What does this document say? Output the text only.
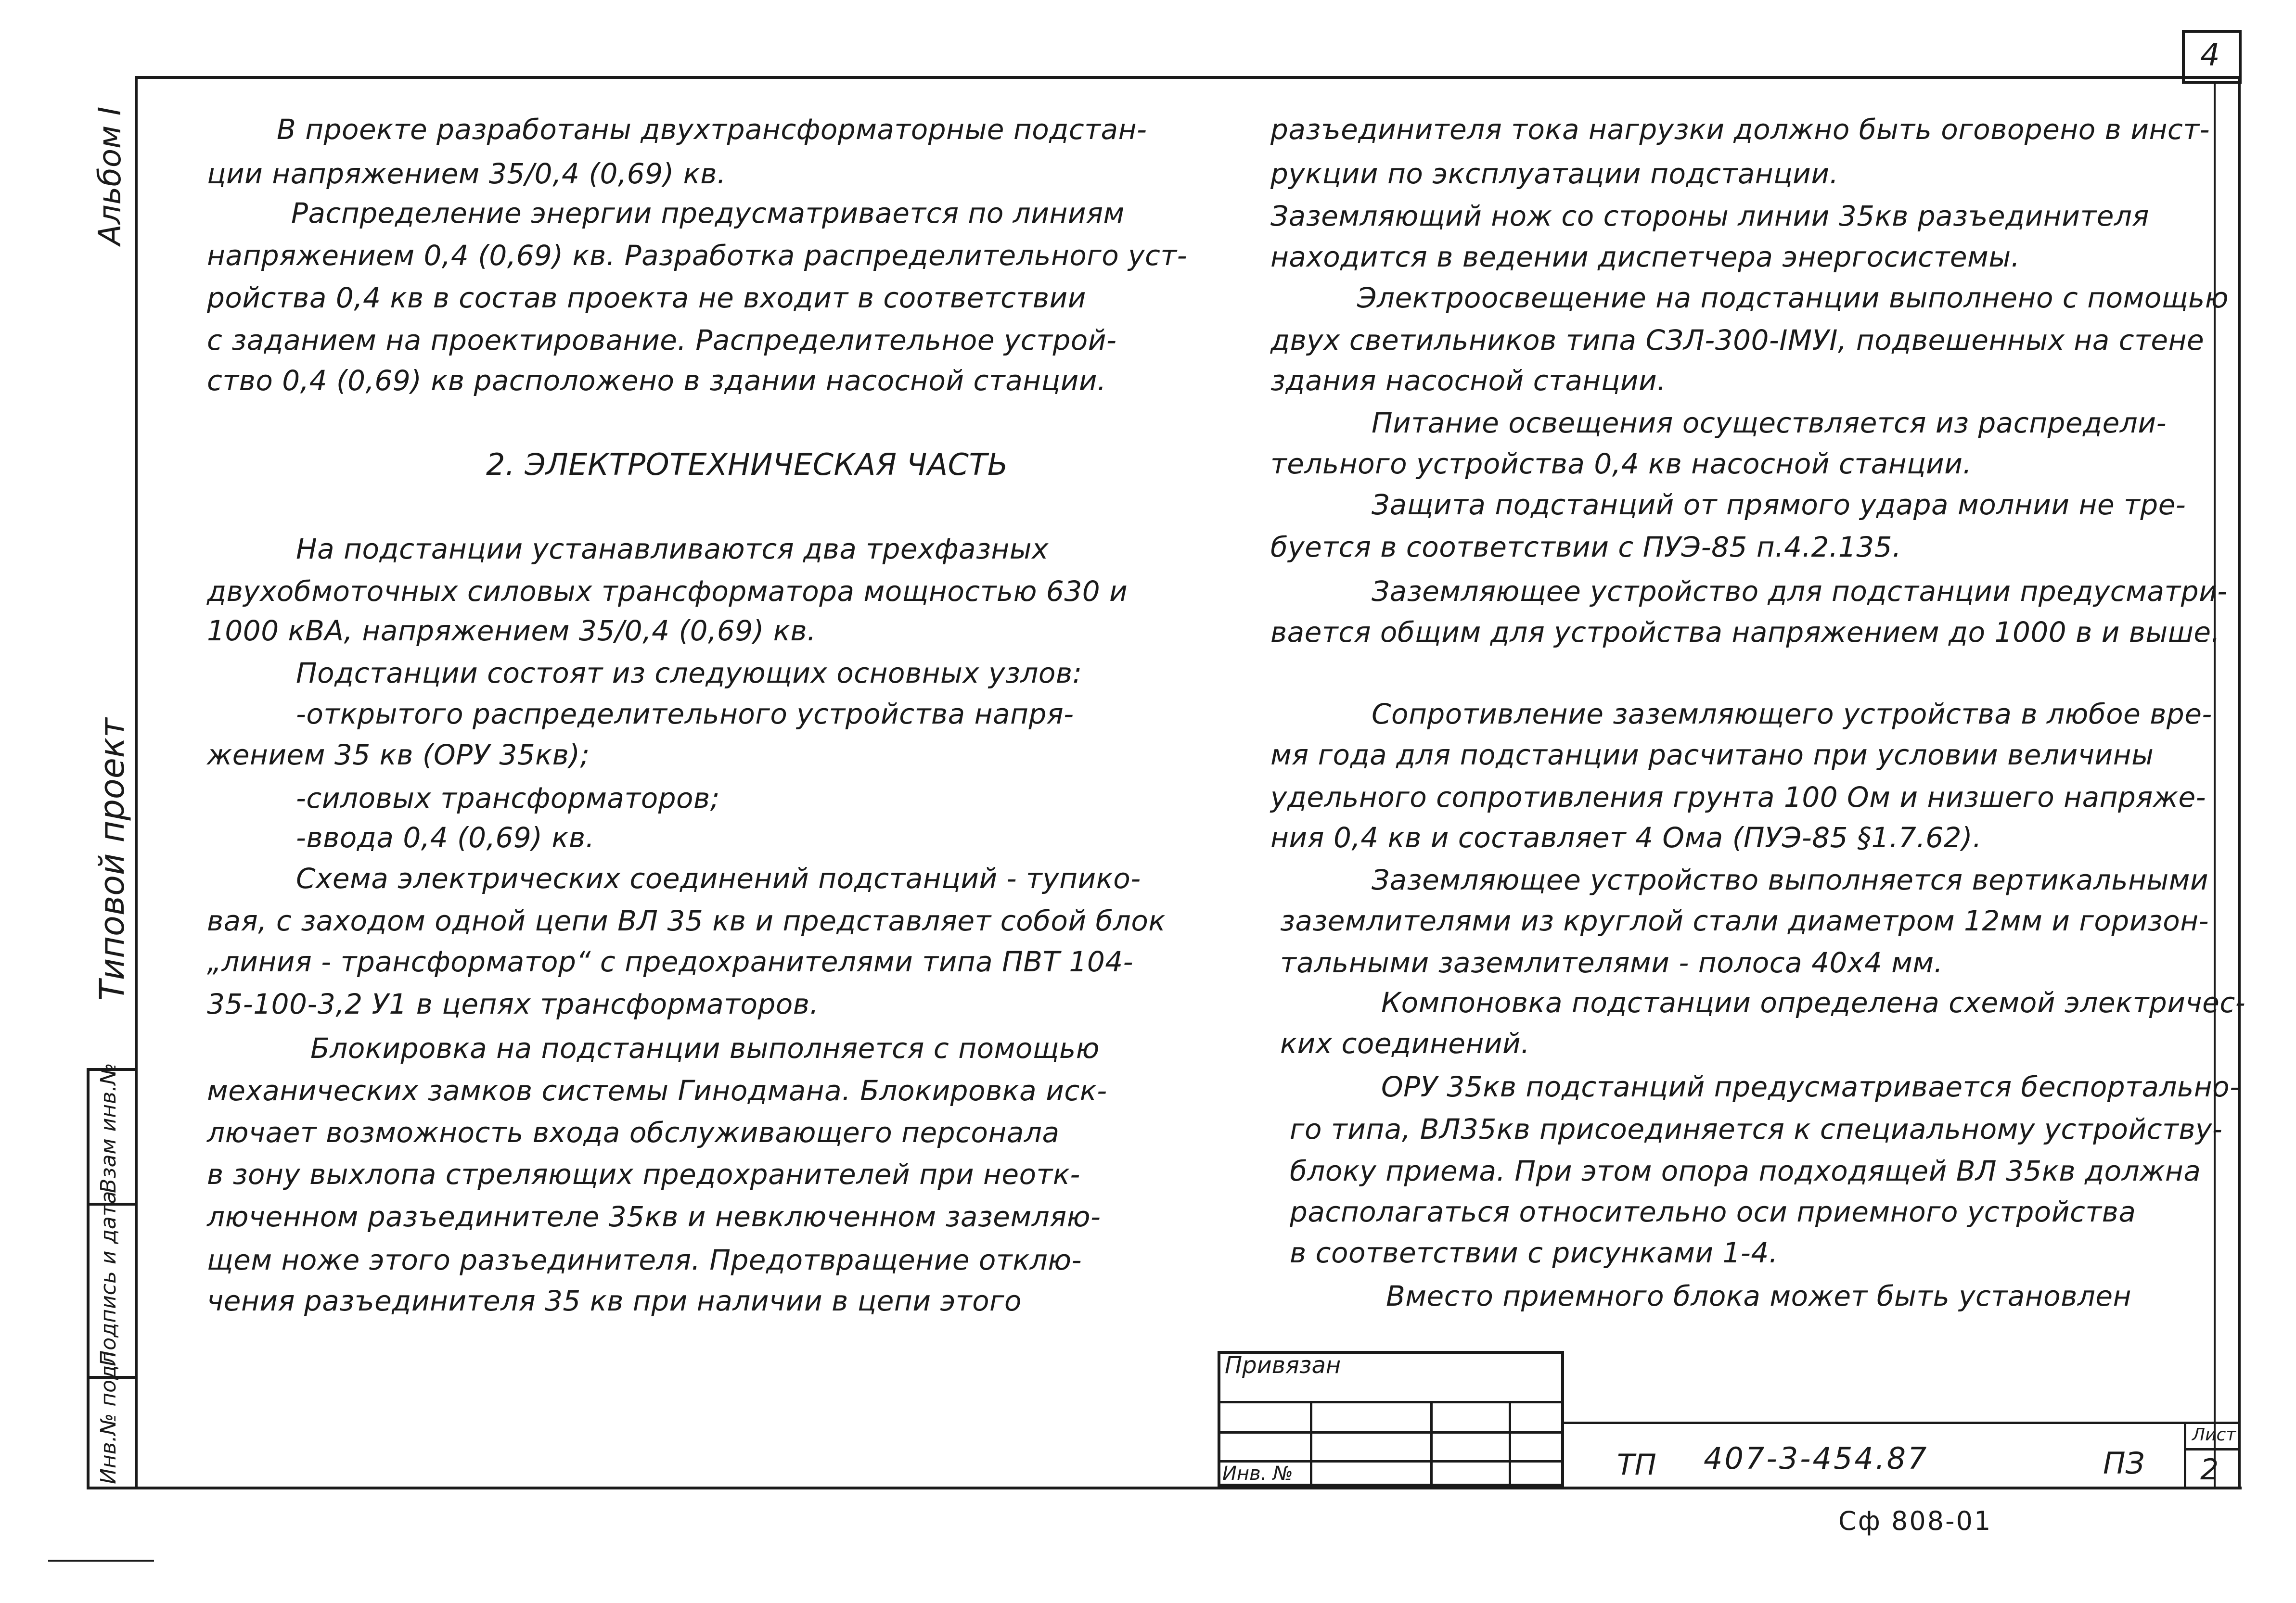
4
Взам инв.№
Подпись и дата
Инв.№ подл
Альбом I
Типовой проект
В проекте разработаны двухтрансформаторные подстан-
ции напряжением 35/0,4 (0,69) кв.
Распределение энергии предусматривается по линиям
напряжением 0,4 (0,69) кв. Разработка распределительного уст-
ройства 0,4 кв в состав проекта не входит в соответствии
с заданием на проектирование. Распределительное устрой-
ство 0,4 (0,69) кв расположено в здании насосной станции.
2. ЭЛЕКТРОТЕХНИЧЕСКАЯ ЧАСТЬ
На подстанции устанавливаются два трехфазных
двухобмоточных силовых трансформатора мощностью 630 и
1000 кВА, напряжением 35/0,4 (0,69) кв.
Подстанции состоят из следующих основных узлов:
-открытого распределительного устройства напря-
жением 35 кв (ОРУ 35кв);
-силовых трансформаторов;
-ввода 0,4 (0,69) кв.
Схема электрических соединений подстанций - тупико-
вая, с заходом одной цепи ВЛ 35 кв и представляет собой блок
„линия - трансформатор“ с предохранителями типа ПВТ 104-
35-100-3,2 У1 в цепях трансформаторов.
Блокировка на подстанции выполняется с помощью
механических замков системы Гинодмана. Блокировка иск-
лючает возможность входа обслуживающего персонала
в зону выхлопа стреляющих предохранителей при неотк-
люченном разъединителе 35кв и невключенном заземляю-
щем ноже этого разъединителя. Предотвращение отклю-
чения разъединителя 35 кв при наличии в цепи этого
разъединителя тока нагрузки должно быть оговорено в инст-
рукции по эксплуатации подстанции.
Заземляющий нож со стороны линии 35кв разъединителя
находится в ведении диспетчера энергосистемы.
Электроосвещение на подстанции выполнено с помощью
двух светильников типа СЗЛ-300-IМУI, подвешенных на стене
здания насосной станции.
Питание освещения осуществляется из распредели-
тельного устройства 0,4 кв насосной станции.
Защита подстанций от прямого удара молнии не тре-
буется в соответствии с ПУЭ-85 п.4.2.135.
Заземляющее устройство для подстанции предусматри-
вается общим для устройства напряжением до 1000 в и выше.
Сопротивление заземляющего устройства в любое вре-
мя года для подстанции расчитано при условии величины
удельного сопротивления грунта 100 Ом и низшего напряже-
ния 0,4 кв и составляет 4 Ома (ПУЭ-85 §1.7.62).
Заземляющее устройство выполняется вертикальными
заземлителями из круглой стали диаметром 12мм и горизон-
тальными заземлителями - полоса 40х4 мм.
Компоновка подстанции определена схемой электричес-
ких соединений.
ОРУ 35кв подстанций предусматривается беспортально-
го типа, ВЛ35кв присоединяется к специальному устройству-
блоку приема. При этом опора подходящей ВЛ 35кв должна
располагаться относительно оси приемного устройства
в соответствии с рисунками 1-4.
Вместо приемного блока может быть установлен
Привязан
Инв. №	ТП 407-3-454.87	ПЗ
Лист
2
Сф 808-01
